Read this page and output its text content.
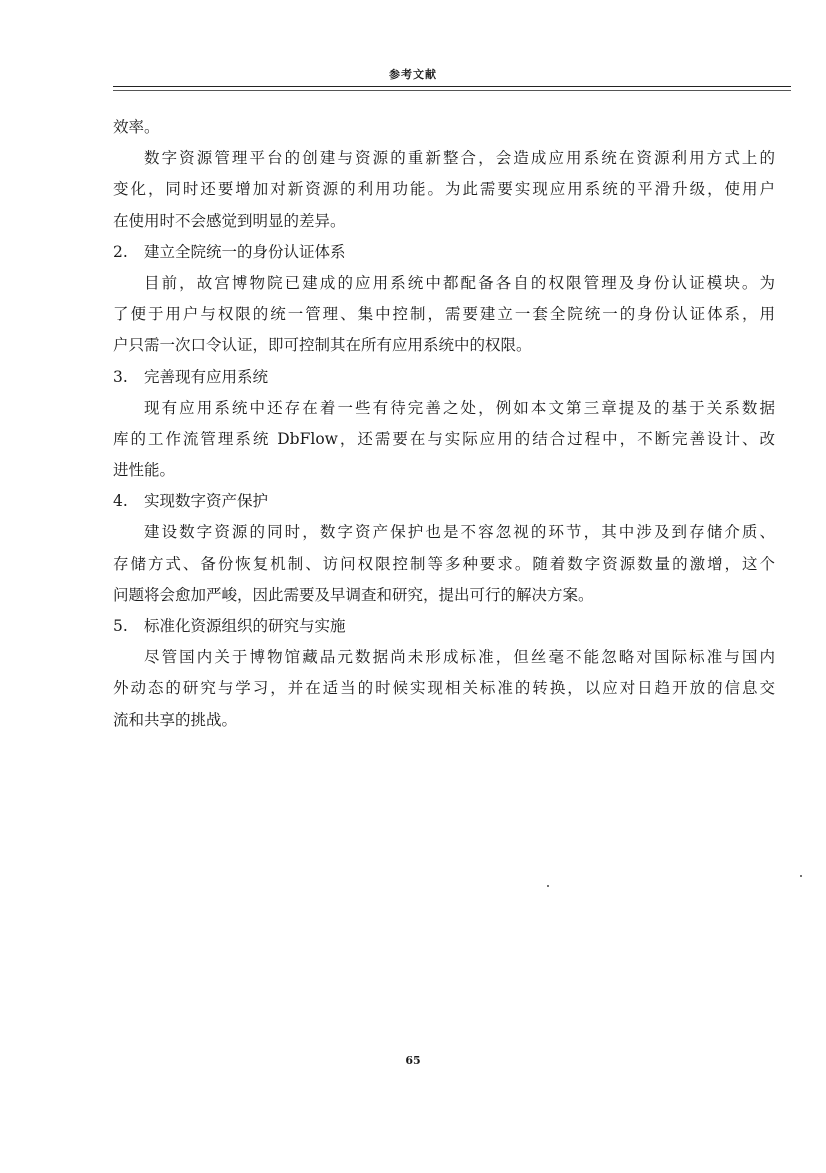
参考文献
效率。
数字资源管理平台的创建与资源的重新整合，会造成应用系统在资源利用方式上的
变化，同时还要增加对新资源的利用功能。为此需要实现应用系统的平滑升级，使用户
在使用时不会感觉到明显的差异。
2. 建立全院统一的身份认证体系
目前，故宫博物院已建成的应用系统中都配备各自的权限管理及身份认证模块。为
了便于用户与权限的统一管理、集中控制，需要建立一套全院统一的身份认证体系，用
户只需一次口令认证，即可控制其在所有应用系统中的权限。
3. 完善现有应用系统
现有应用系统中还存在着一些有待完善之处，例如本文第三章提及的基于关系数据
库的工作流管理系统 DbFlow，还需要在与实际应用的结合过程中，不断完善设计、改
进性能。
4. 实现数字资产保护
建设数字资源的同时，数字资产保护也是不容忽视的环节，其中涉及到存储介质、
存储方式、备份恢复机制、访问权限控制等多种要求。随着数字资源数量的激增，这个
问题将会愈加严峻，因此需要及早调查和研究，提出可行的解决方案。
5. 标准化资源组织的研究与实施
尽管国内关于博物馆藏品元数据尚未形成标准，但丝毫不能忽略对国际标准与国内
外动态的研究与学习，并在适当的时候实现相关标准的转换，以应对日趋开放的信息交
流和共享的挑战。
65
